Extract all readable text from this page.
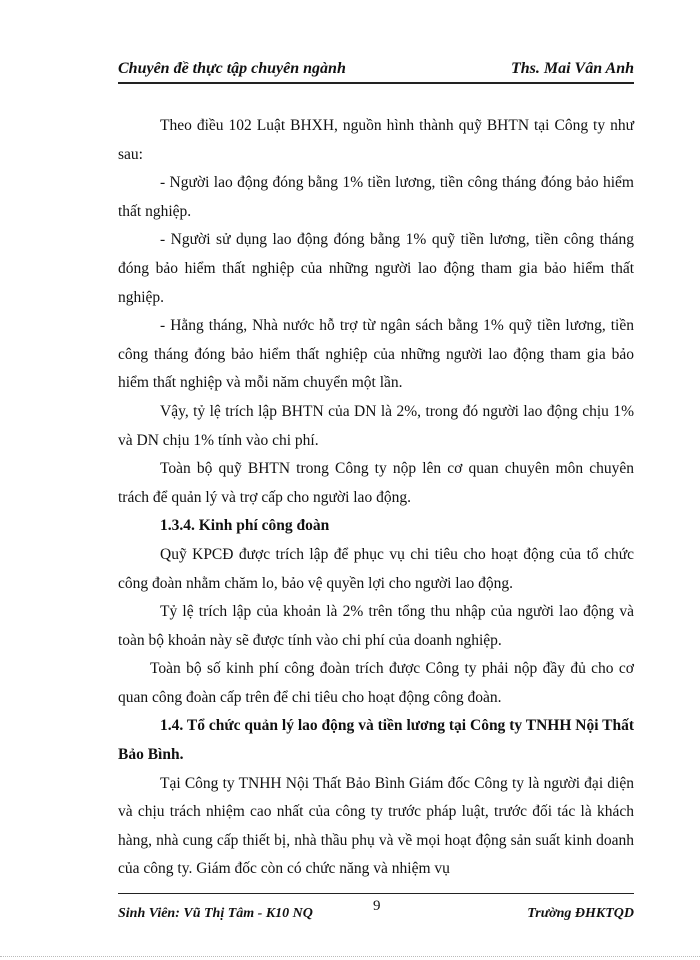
Chuyên đề thực tập chuyên ngành	Ths. Mai Vân Anh

Theo điều 102 Luật BHXH, nguồn hình thành quỹ BHTN tại Công ty như sau:

- Người lao động đóng bằng 1% tiền lương, tiền công tháng đóng bảo hiểm thất nghiệp.

- Người sử dụng lao động đóng bằng 1% quỹ tiền lương, tiền công tháng đóng bảo hiểm thất nghiệp của những người lao động tham gia bảo hiểm thất nghiệp.

- Hằng tháng, Nhà nước hỗ trợ từ ngân sách bằng 1% quỹ tiền lương, tiền công tháng đóng bảo hiểm thất nghiệp của những người lao động tham gia bảo hiểm thất nghiệp và mỗi năm chuyển một lần.

Vậy, tỷ lệ trích lập BHTN của DN là 2%, trong đó người lao động chịu 1% và DN chịu 1% tính vào chi phí.

Toàn bộ quỹ BHTN trong Công ty nộp lên cơ quan chuyên môn chuyên trách để quản lý và trợ cấp cho người lao động.

1.3.4. Kinh phí công đoàn

Quỹ KPCĐ được trích lập để phục vụ chi tiêu cho hoạt động của tổ chức công đoàn nhằm chăm lo, bảo vệ quyền lợi cho người lao động.

Tỷ lệ trích lập của khoản là 2% trên tổng thu nhập của người lao động và toàn bộ khoản này sẽ được tính vào chi phí của doanh nghiệp.

Toàn bộ số kinh phí công đoàn trích được Công ty phải nộp đầy đủ cho cơ quan công đoàn cấp trên để chi tiêu cho hoạt động công đoàn.

1.4. Tổ chức quản lý lao động và tiền lương tại Công ty TNHH Nội Thất Bảo Bình.

Tại Công ty TNHH Nội Thất Bảo Bình Giám đốc Công ty là người đại diện và chịu trách nhiệm cao nhất của công ty trước pháp luật, trước đối tác là khách hàng, nhà cung cấp thiết bị, nhà thầu phụ và về mọi hoạt động sản suất kinh doanh của công ty. Giám đốc còn có chức năng và nhiệm vụ

Sinh Viên: Vũ Thị Tâm - K10 NQ	9	Trường ĐHKTQD
